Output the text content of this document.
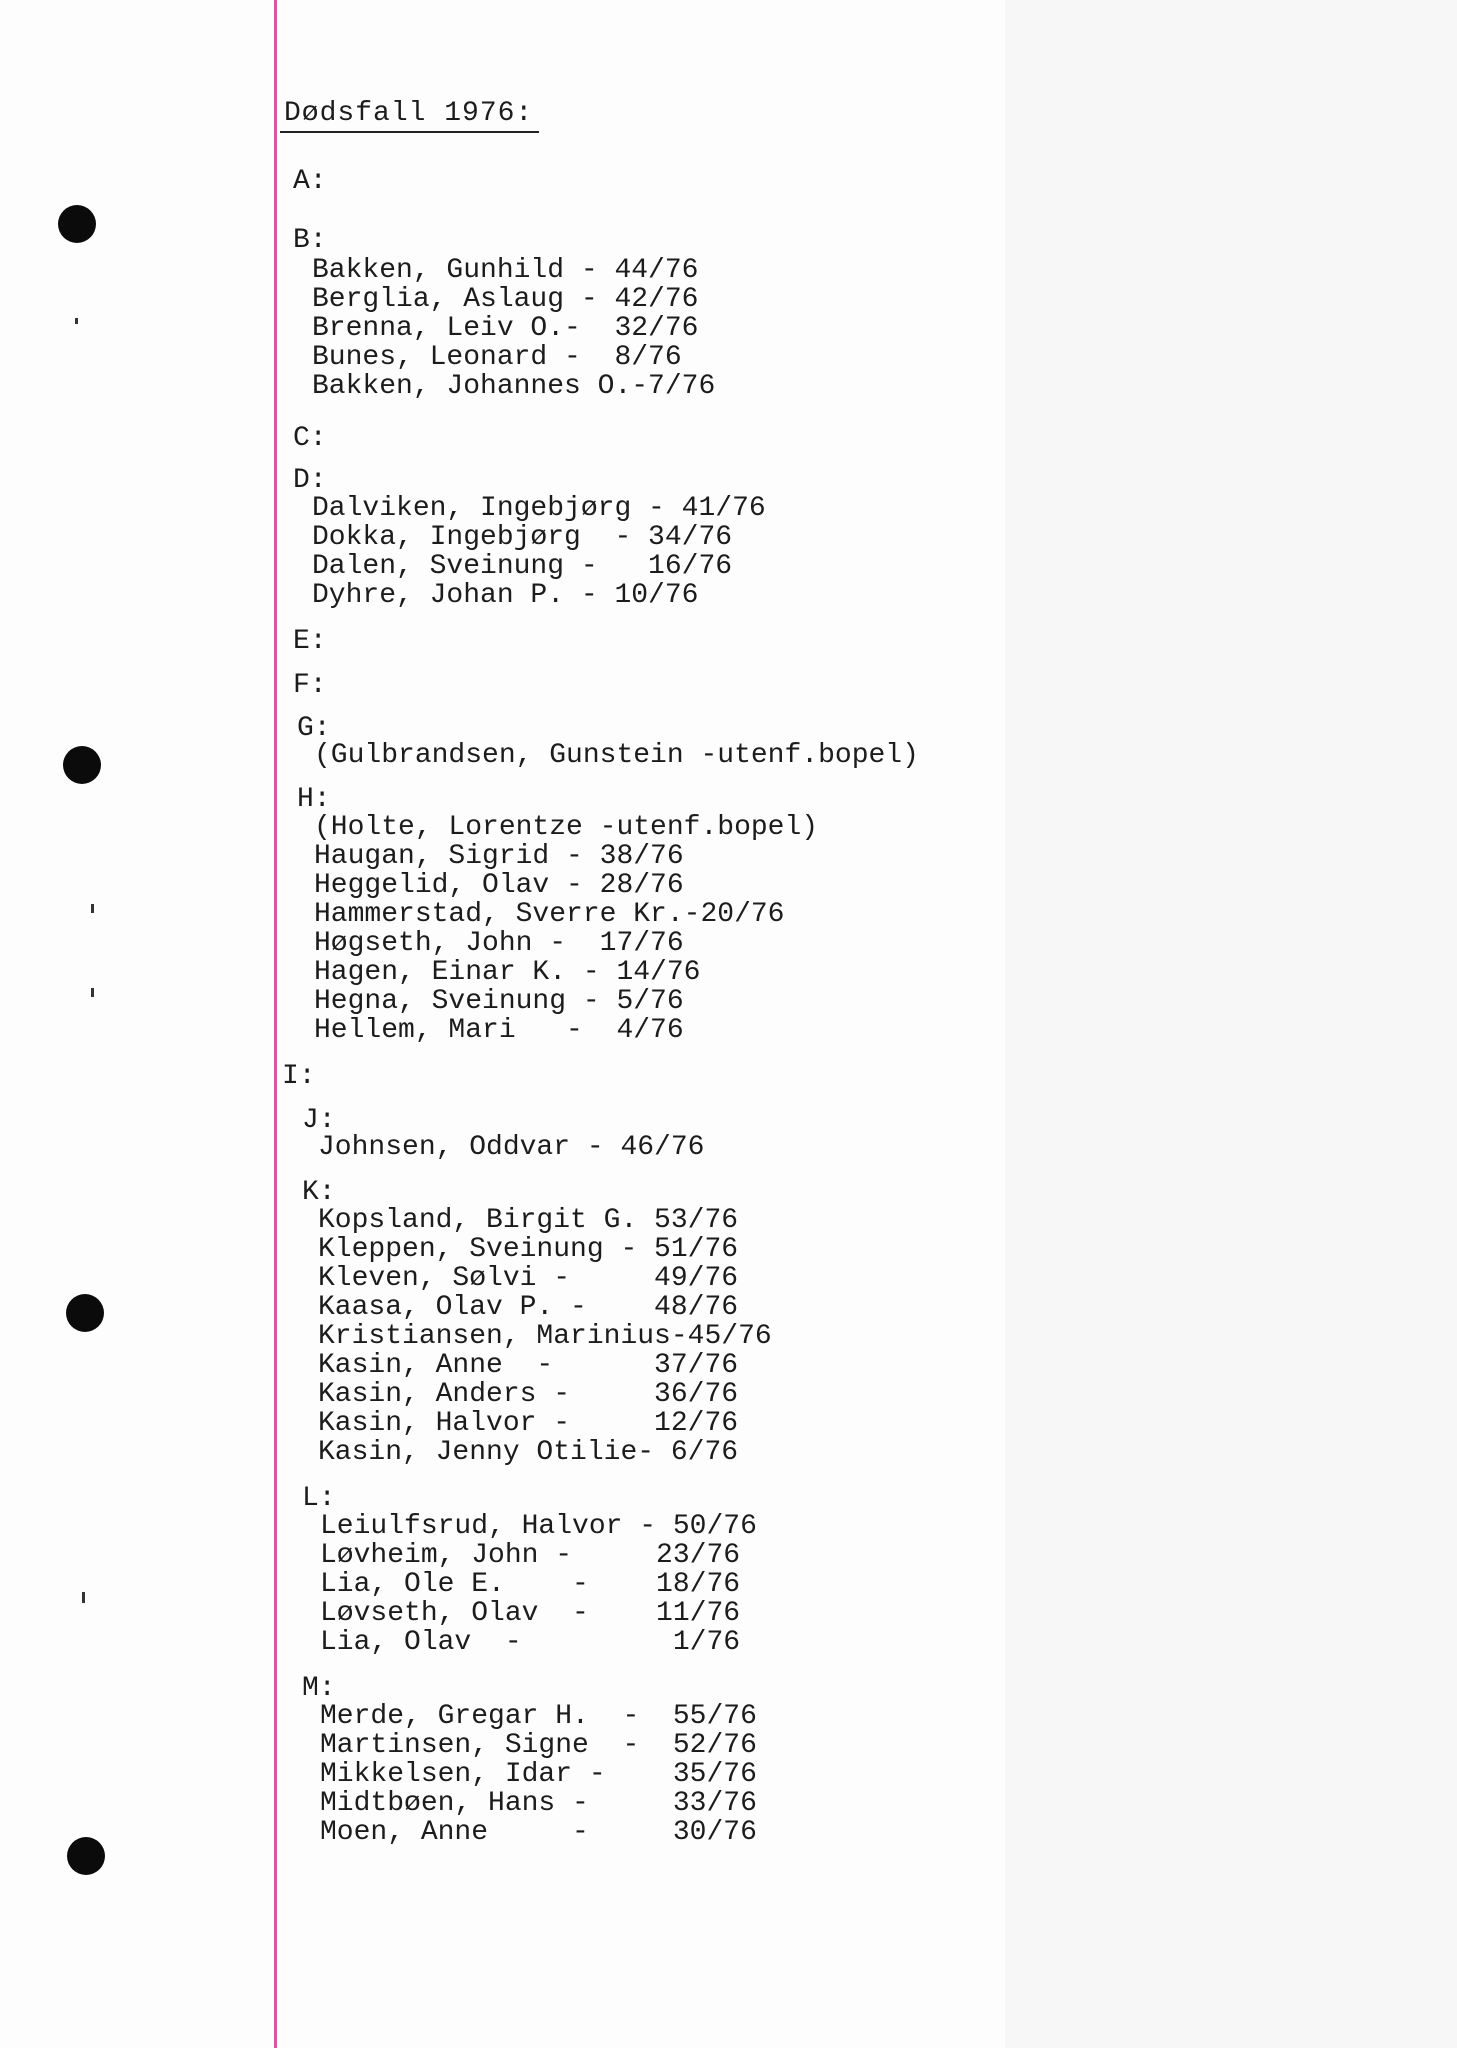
Dødsfall 1976:
A:
B:
Bakken, Gunhild - 44/76
Berglia, Aslaug - 42/76
Brenna, Leiv O.-  32/76
Bunes, Leonard -  8/76
Bakken, Johannes O.-7/76
C:
D:
Dalviken, Ingebjørg - 41/76
Dokka, Ingebjørg  - 34/76
Dalen, Sveinung -   16/76
Dyhre, Johan P. - 10/76
E:
F:
G:
(Gulbrandsen, Gunstein -utenf.bopel)
H:
(Holte, Lorentze -utenf.bopel)
Haugan, Sigrid - 38/76
Heggelid, Olav - 28/76
Hammerstad, Sverre Kr.-20/76
Høgseth, John -  17/76
Hagen, Einar K. - 14/76
Hegna, Sveinung - 5/76
Hellem, Mari   -  4/76
I:
J:
Johnsen, Oddvar - 46/76
K:
Kopsland, Birgit G. 53/76
Kleppen, Sveinung - 51/76
Kleven, Sølvi -     49/76
Kaasa, Olav P. -    48/76
Kristiansen, Marinius-45/76
Kasin, Anne  -      37/76
Kasin, Anders -     36/76
Kasin, Halvor -     12/76
Kasin, Jenny Otilie- 6/76
L:
Leiulfsrud, Halvor - 50/76
Løvheim, John -     23/76
Lia, Ole E.    -    18/76
Løvseth, Olav  -    11/76
Lia, Olav  -         1/76
M:
Merde, Gregar H.  -  55/76
Martinsen, Signe  -  52/76
Mikkelsen, Idar -    35/76
Midtbøen, Hans -     33/76
Moen, Anne     -     30/76
